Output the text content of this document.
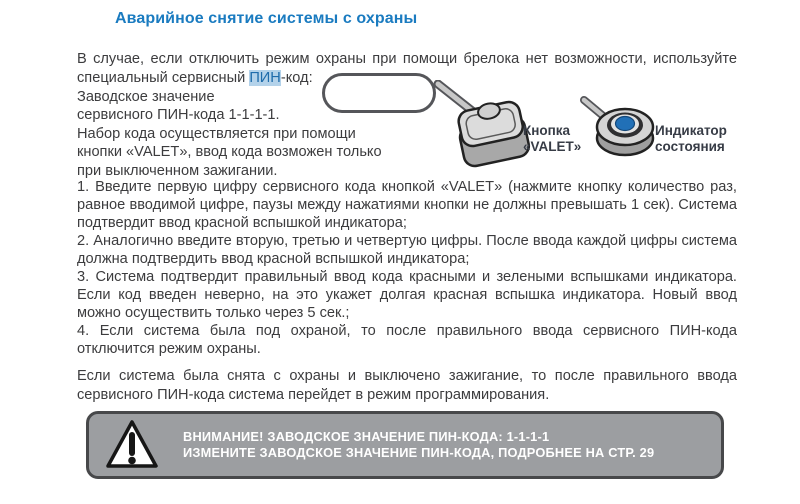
Аварийное снятие системы с охраны
В случае, если отключить режим охраны при помощи брелока нет возможности, используйте специальный сервисный ПИН-код:
Заводское значение
сервисного ПИН-кода 1-1-1-1.
Набор кода осуществляется при помощи
кнопки «VALET», ввод кода возможен только
при выключенном зажигании.
Кнопка
«VALET»
Индикатор
состояния

1. Введите первую цифру сервисного кода кнопкой «VALET» (нажмите кнопку количество раз, равное вводимой цифре, паузы между нажатиями кнопки не должны превышать 1 сек). Система подтвердит ввод красной вспышкой индикатора;

2. Аналогично введите вторую, третью и четвертую цифры. После ввода каждой цифры система должна подтвердить ввод красной вспышкой индикатора;

3. Система подтвердит правильный ввод кода красными и зелеными вспышками индикатора. Если код введен неверно, на это укажет долгая красная вспышка индикатора. Новый ввод можно осуществить только через 5 сек.;

4. Если система была под охраной, то после правильного ввода сервисного ПИН-кода отключится режим охраны.

Если система была снята с охраны и выключено зажигание, то после правильного ввода сервисного ПИН-кода система перейдет в режим программирования.
ВНИМАНИЕ! ЗАВОДСКОЕ ЗНАЧЕНИЕ ПИН-КОДА: 1-1-1-1
ИЗМЕНИТЕ ЗАВОДСКОЕ ЗНАЧЕНИЕ ПИН-КОДА, ПОДРОБНЕЕ НА СТР. 29
